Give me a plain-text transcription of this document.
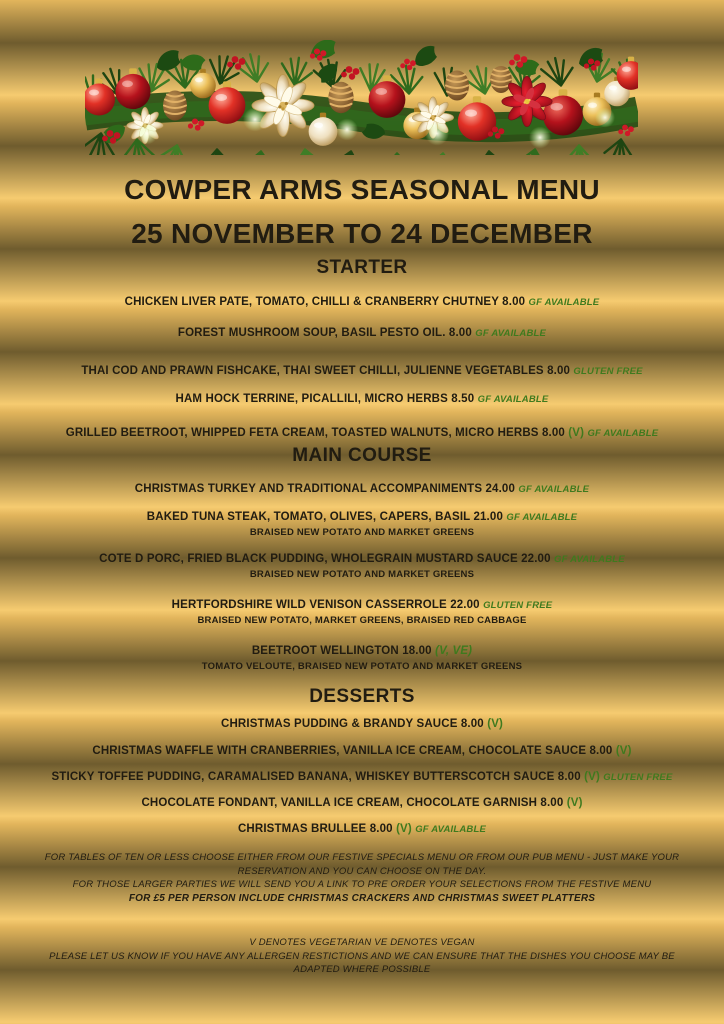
COWPER ARMS SEASONAL MENU
25 NOVEMBER TO 24 DECEMBER
STARTER
CHICKEN LIVER PATE, TOMATO, CHILLI & CRANBERRY CHUTNEY 8.00 GF AVAILABLE
FOREST MUSHROOM SOUP, BASIL PESTO OIL. 8.00 GF AVAILABLE
THAI COD AND PRAWN FISHCAKE, THAI SWEET CHILLI, JULIENNE VEGETABLES 8.00 GLUTEN FREE
HAM HOCK TERRINE, PICALLILI, MICRO HERBS 8.50 GF AVAILABLE
GRILLED BEETROOT, WHIPPED FETA CREAM, TOASTED WALNUTS, MICRO HERBS 8.00 (V) GF AVAILABLE
MAIN COURSE
CHRISTMAS TURKEY AND TRADITIONAL ACCOMPANIMENTS 24.00 GF AVAILABLE
BAKED TUNA STEAK, TOMATO, OLIVES, CAPERS, BASIL 21.00 GF AVAILABLE
BRAISED NEW POTATO AND MARKET GREENS
COTE D PORC, FRIED BLACK PUDDING, WHOLEGRAIN MUSTARD SAUCE 22.00 GF AVAILABLE
BRAISED NEW POTATO AND MARKET GREENS
HERTFORDSHIRE WILD VENISON CASSERROLE 22.00 GLUTEN FREE
BRAISED NEW POTATO, MARKET GREENS, BRAISED RED CABBAGE
BEETROOT WELLINGTON 18.00 (V, VE)
TOMATO VELOUTE, BRAISED NEW POTATO AND MARKET GREENS
DESSERTS
CHRISTMAS PUDDING & BRANDY SAUCE 8.00 (V)
CHRISTMAS WAFFLE WITH CRANBERRIES, VANILLA ICE CREAM, CHOCOLATE SAUCE 8.00 (V)
STICKY TOFFEE PUDDING, CARAMALISED BANANA, WHISKEY BUTTERSCOTCH SAUCE 8.00 (V) GLUTEN FREE
CHOCOLATE FONDANT, VANILLA ICE CREAM, CHOCOLATE GARNISH 8.00 (V)
CHRISTMAS BRULLEE 8.00 (V) GF AVAILABLE
FOR TABLES OF TEN OR LESS CHOOSE EITHER FROM OUR FESTIVE SPECIALS MENU OR FROM OUR PUB MENU - JUST MAKE YOUR RESERVATION AND YOU CAN CHOOSE ON THE DAY.
FOR THOSE LARGER PARTIES WE WILL SEND YOU A LINK TO PRE ORDER YOUR SELECTIONS FROM THE FESTIVE MENU
FOR £5 PER PERSON INCLUDE CHRISTMAS CRACKERS AND CHRISTMAS SWEET PLATTERS
V DENOTES VEGETARIAN VE DENOTES VEGAN
PLEASE LET US KNOW IF YOU HAVE ANY ALLERGEN RESTICTIONS AND WE CAN ENSURE THAT THE DISHES YOU CHOOSE MAY BE ADAPTED WHERE POSSIBLE
